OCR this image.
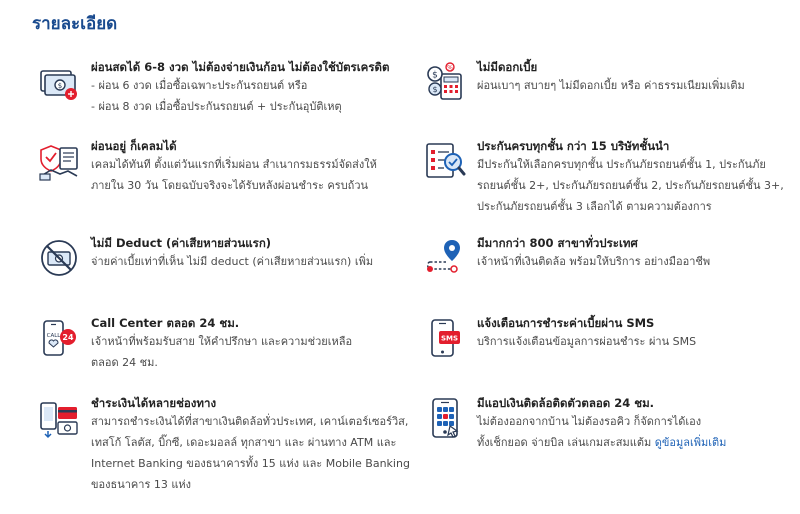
รายละเอียด
$
ผ่อนสดได้ 6-8 งวด ไม่ต้องจ่ายเงินก้อน ไม่ต้องใช้บัตรเครดิต
- ผ่อน 6 งวด เมื่อซื้อเฉพาะประกันรถยนต์ หรือ
- ผ่อน 8 งวด เมื่อซื้อประกันรถยนต์ + ประกันอุบัติเหตุ
$
$
% ไม่มีดอกเบี้ย
ผ่อนเบาๆ สบายๆ ไม่มีดอกเบี้ย หรือ ค่าธรรมเนียมเพิ่มเติม
ผ่อนอยู่ ก็เคลมได้
เคลมได้ทันที ตั้งแต่วันแรกที่เริ่มผ่อน สำเนากรมธรรม์จัดส่งให้
ภายใน 30 วัน โดยฉบับจริงจะได้รับหลังผ่อนชำระ ครบถ้วน
ประกันครบทุกชั้น กว่า 15 บริษัทชั้นนำ
มีประกันให้เลือกครบทุกชั้น ประกันภัยรถยนต์ชั้น 1, ประกันภัย
รถยนต์ชั้น 2+, ประกันภัยรถยนต์ชั้น 2, ประกันภัยรถยนต์ชั้น 3+,
ประกันภัยรถยนต์ชั้น 3 เลือกได้ ตามความต้องการ
ไม่มี Deduct (ค่าเสียหายส่วนแรก)
จ่ายค่าเบี้ยเท่าที่เห็น ไม่มี deduct (ค่าเสียหายส่วนแรก) เพิ่ม
มีมากกว่า 800 สาขาทั่วประเทศ
เจ้าหน้าที่เงินติดล้อ พร้อมให้บริการ อย่างมืออาชีพ
CALL 24
Call Center ตลอด 24 ชม.
เจ้าหน้าที่พร้อมรับสาย ให้คำปรึกษา และความช่วยเหลือ
ตลอด 24 ชม.
SMS
แจ้งเตือนการชำระค่าเบี้ยผ่าน SMS
บริการแจ้งเตือนข้อมูลการผ่อนชำระ ผ่าน SMS
ชำระเงินได้หลายช่องทาง
สามารถชำระเงินได้ที่สาขาเงินติดล้อทั่วประเทศ, เคาน์เตอร์เซอร์วิส,
เทสโก้ โลตัส, บิ๊กซี, เดอะมอลล์ ทุกสาขา และ ผ่านทาง ATM และ
Internet Banking ของธนาคารทั้ง 15 แห่ง และ Mobile Banking
ของธนาคาร 13 แห่ง
มีแอปเงินติดล้อติดตัวตลอด 24 ชม.
ไม่ต้องออกจากบ้าน ไม่ต้องรอคิว ก็จัดการได้เอง
ทั้งเช็กยอด จ่ายบิล เล่นเกมสะสมแต้ม ดูข้อมูลเพิ่มเติม
